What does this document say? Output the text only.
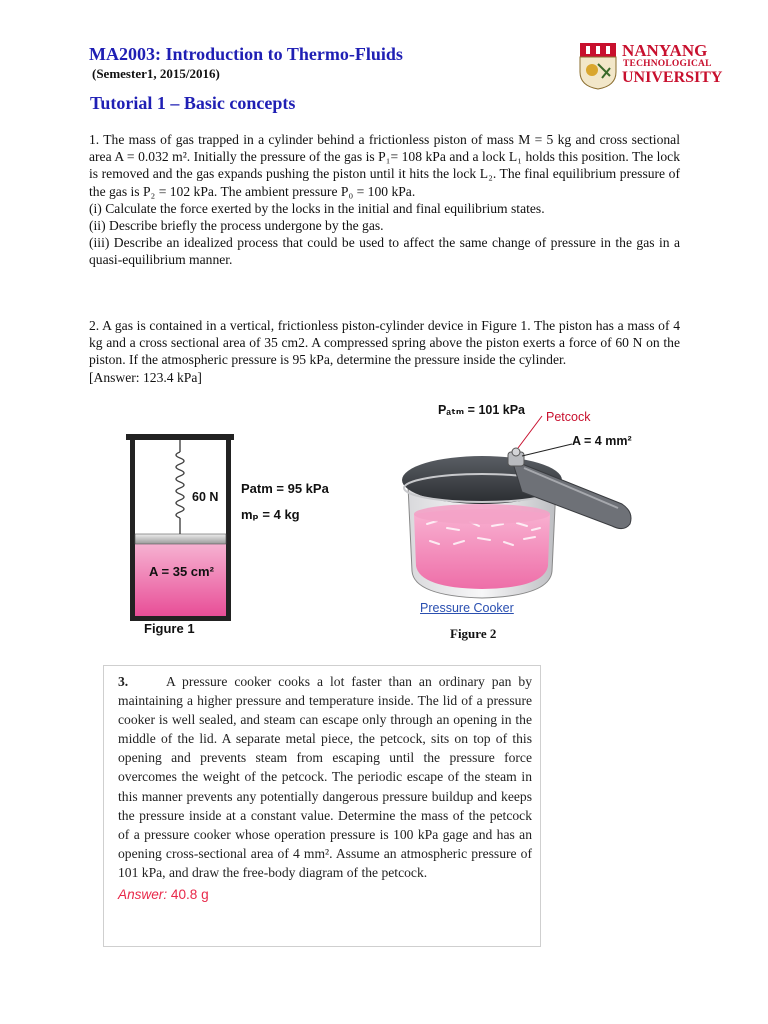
MA2003: Introduction to Thermo-Fluids
(Semester1, 2015/2016)
Tutorial 1 – Basic concepts
NANYANG
TECHNOLOGICAL
UNIVERSITY

1. The mass of gas trapped in a cylinder behind a frictionless piston of mass M = 5 kg and cross sectional area A = 0.032 m². Initially the pressure of the gas is P₁= 108 kPa and a lock L₁ holds this position. The lock is removed and the gas expands pushing the piston until it hits the lock L₂. The final equilibrium pressure of the gas is P₂ = 102 kPa. The ambient pressure P₀ = 100 kPa.

(i) Calculate the force exerted by the locks in the initial and final equilibrium states.

(ii) Describe briefly the process undergone by the gas.

(iii) Describe an idealized process that could be used to affect the same change of pressure in the gas in a quasi-equilibrium manner.

2. A gas is contained in a vertical, frictionless piston-cylinder device in Figure 1. The piston has a mass of 4 kg and a cross sectional area of 35 cm2. A compressed spring above the piston exerts a force of 60 N on the piston. If the atmospheric pressure is 95 kPa, determine the pressure inside the cylinder.

[Answer: 123.4 kPa]

60 N
Patm = 95 kPa
mₚ = 4 kg
A = 35 cm²
Figure 1
Pₐₜₘ = 101 kPa Petcock
A = 4 mm²
Pressure Cooker
Figure 2
3.	A pressure cooker cooks a lot faster than an ordinary pan by maintaining a higher pressure and temperature inside. The lid of a pressure cooker is well sealed, and steam can escape only through an opening in the middle of the lid. A separate metal piece, the petcock, sits on top of this opening and prevents steam from escaping until the pressure force overcomes the weight of the petcock. The periodic escape of the steam in this manner prevents any potentially dangerous pressure buildup and keeps the pressure inside at a constant value. Determine the mass of the petcock of a pressure cooker whose operation pressure is 100 kPa gage and has an opening cross-sectional area of 4 mm². Assume an atmospheric pressure of 101 kPa, and draw the free-body diagram of the petcock.
Answer: 40.8 g
